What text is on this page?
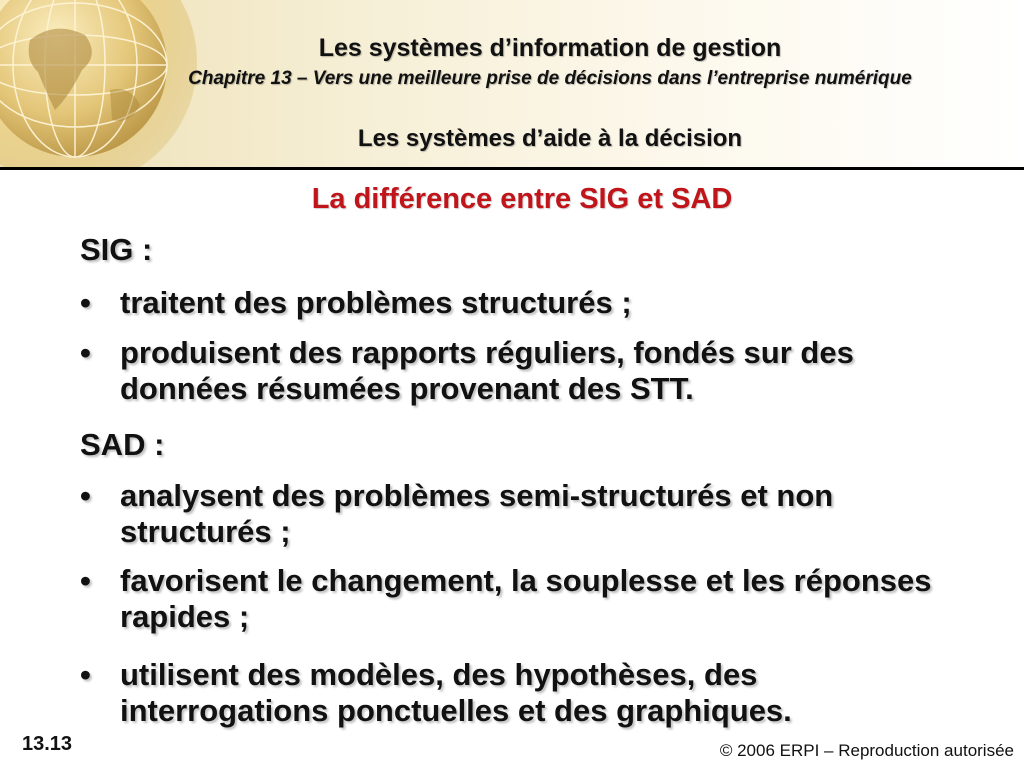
Les systèmes d’information de gestion
Chapitre 13 – Vers une meilleure prise de décisions dans l’entreprise numérique
Les systèmes d’aide à la décision
La différence entre SIG et SAD
SIG :
• traitent des problèmes structurés ;
• produisent des rapports réguliers, fondés sur des données résumées provenant des STT.
SAD :
• analysent des problèmes semi-structurés et non structurés ;
• favorisent le changement, la souplesse et les réponses rapides ;
• utilisent des modèles, des hypothèses, des interrogations ponctuelles et des graphiques.
13.13	© 2006 ERPI – Reproduction autorisée
